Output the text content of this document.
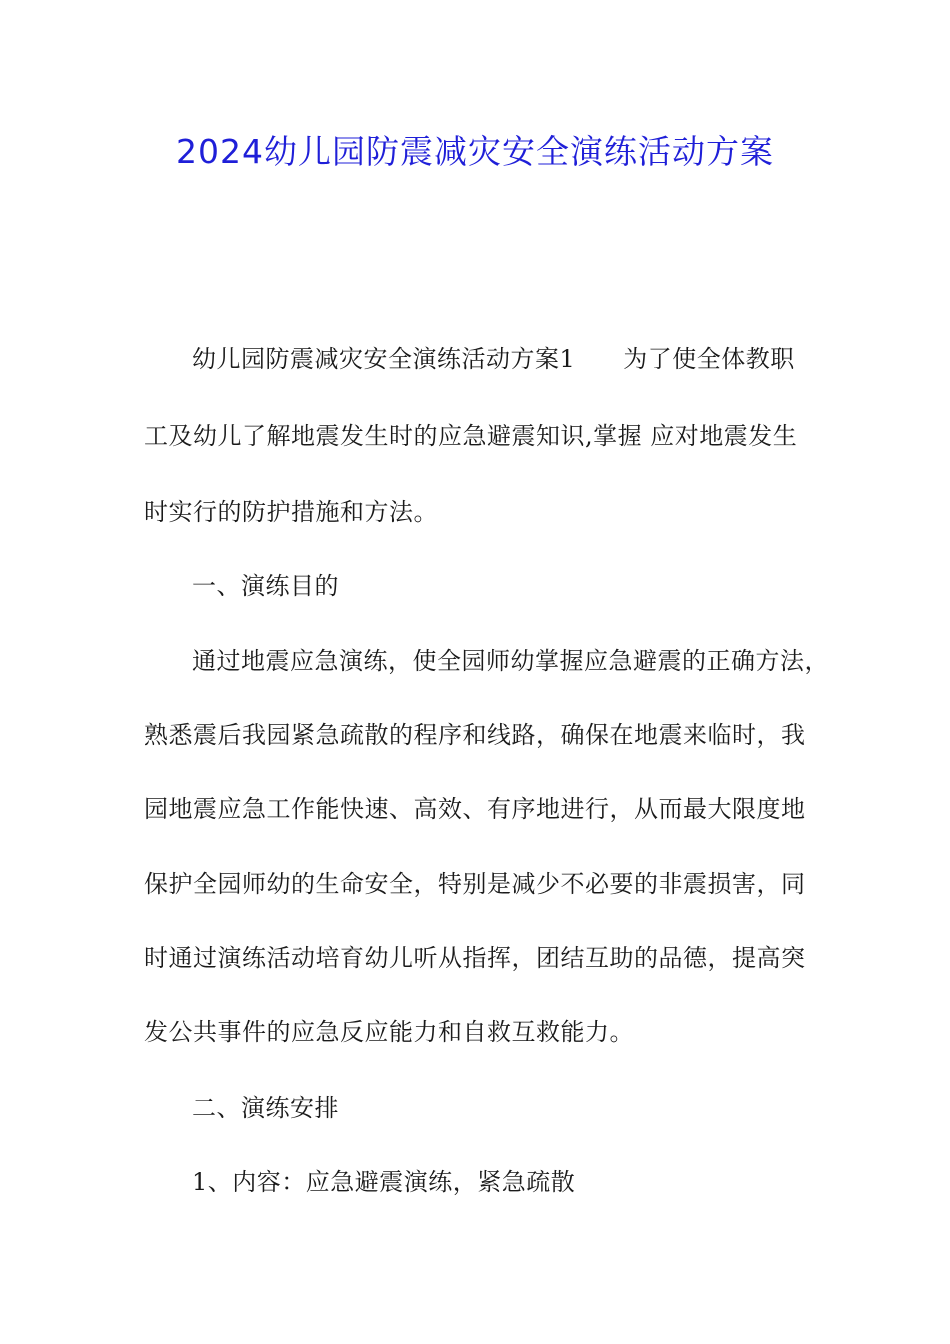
2024幼儿园防震减灾安全演练活动方案
幼儿园防震减灾安全演练活动方案1 为了使全体教职
工及幼儿了解地震发生时的应急避震知识,掌握 应对地震发生
时实行的防护措施和方法。
一、演练目的
通过地震应急演练，使全园师幼掌握应急避震的正确方法，
熟悉震后我园紧急疏散的程序和线路，确保在地震来临时，我
园地震应急工作能快速、高效、有序地进行，从而最大限度地
保护全园师幼的生命安全，特别是减少不必要的非震损害，同
时通过演练活动培育幼儿听从指挥，团结互助的品德，提高突
发公共事件的应急反应能力和自救互救能力。
二、演练安排
1、内容：应急避震演练，紧急疏散
